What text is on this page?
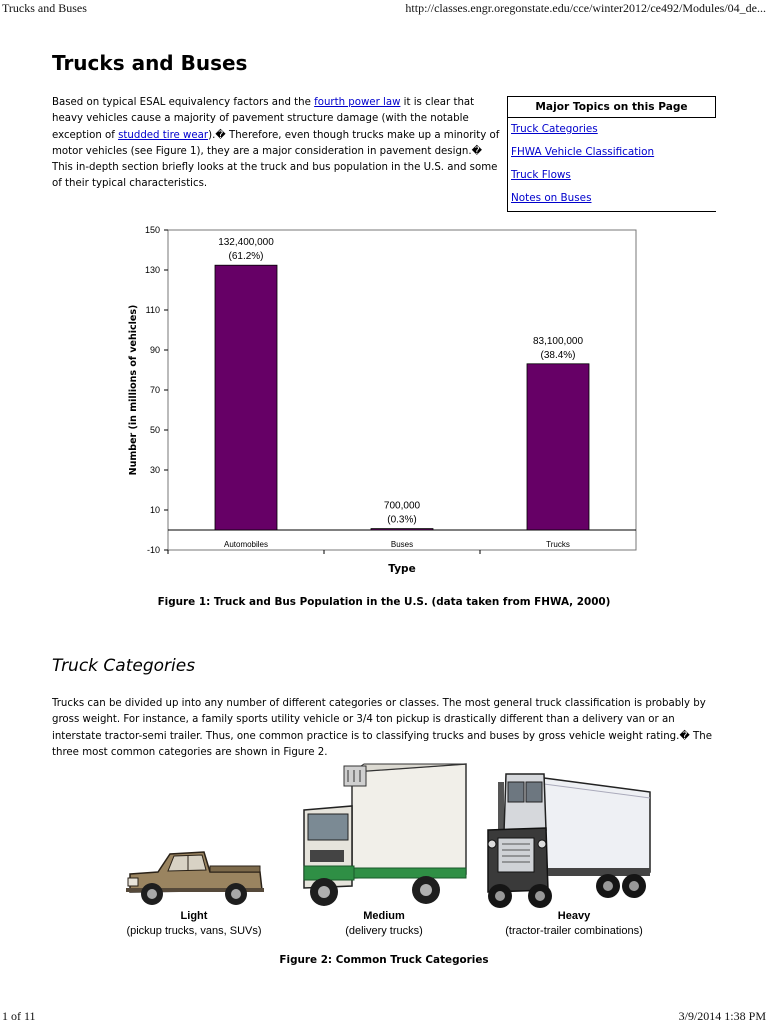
Trucks and Buses	http://classes.engr.oregonstate.edu/cce/winter2012/ce492/Modules/04_de...
Trucks and Buses

Based on typical ESAL equivalency factors and the fourth power law it is clear that heavy vehicles cause a majority of pavement structure damage (with the notable exception of studded tire wear).� Therefore, even though trucks make up a minority of motor vehicles (see Figure 1), they are a major consideration in pavement design.� This in-depth section briefly looks at the truck and bus population in the U.S. and some of their typical characteristics.

Major Topics on this Page
Truck Categories
FHWA Vehicle Classification
Truck Flows
Notes on Buses
-10
10
30
50
70
90
110
130
150
132,400,000
(61.2%)
Automobiles
700,000
(0.3%)
Buses
83,100,000
(38.4%)
Trucks
Type
Number (in millions of vehicles)

Figure 1: Truck and Bus Population in the U.S. (data taken from FHWA, 2000)

Truck Categories

Trucks can be divided up into any number of different categories or classes. The most general truck classification is probably by gross weight. For instance, a family sports utility vehicle or 3/4 ton pickup is drastically different than a delivery van or an interstate tractor-semi trailer. Thus, one common practice is to classifying trucks and buses by gross vehicle weight rating.� The three most common categories are shown in Figure 2.

Light
(pickup trucks, vans, SUVs)
Medium
(delivery trucks)
Heavy
(tractor-trailer combinations)

Figure 2: Common Truck Categories

1 of 11	3/9/2014 1:38 PM
